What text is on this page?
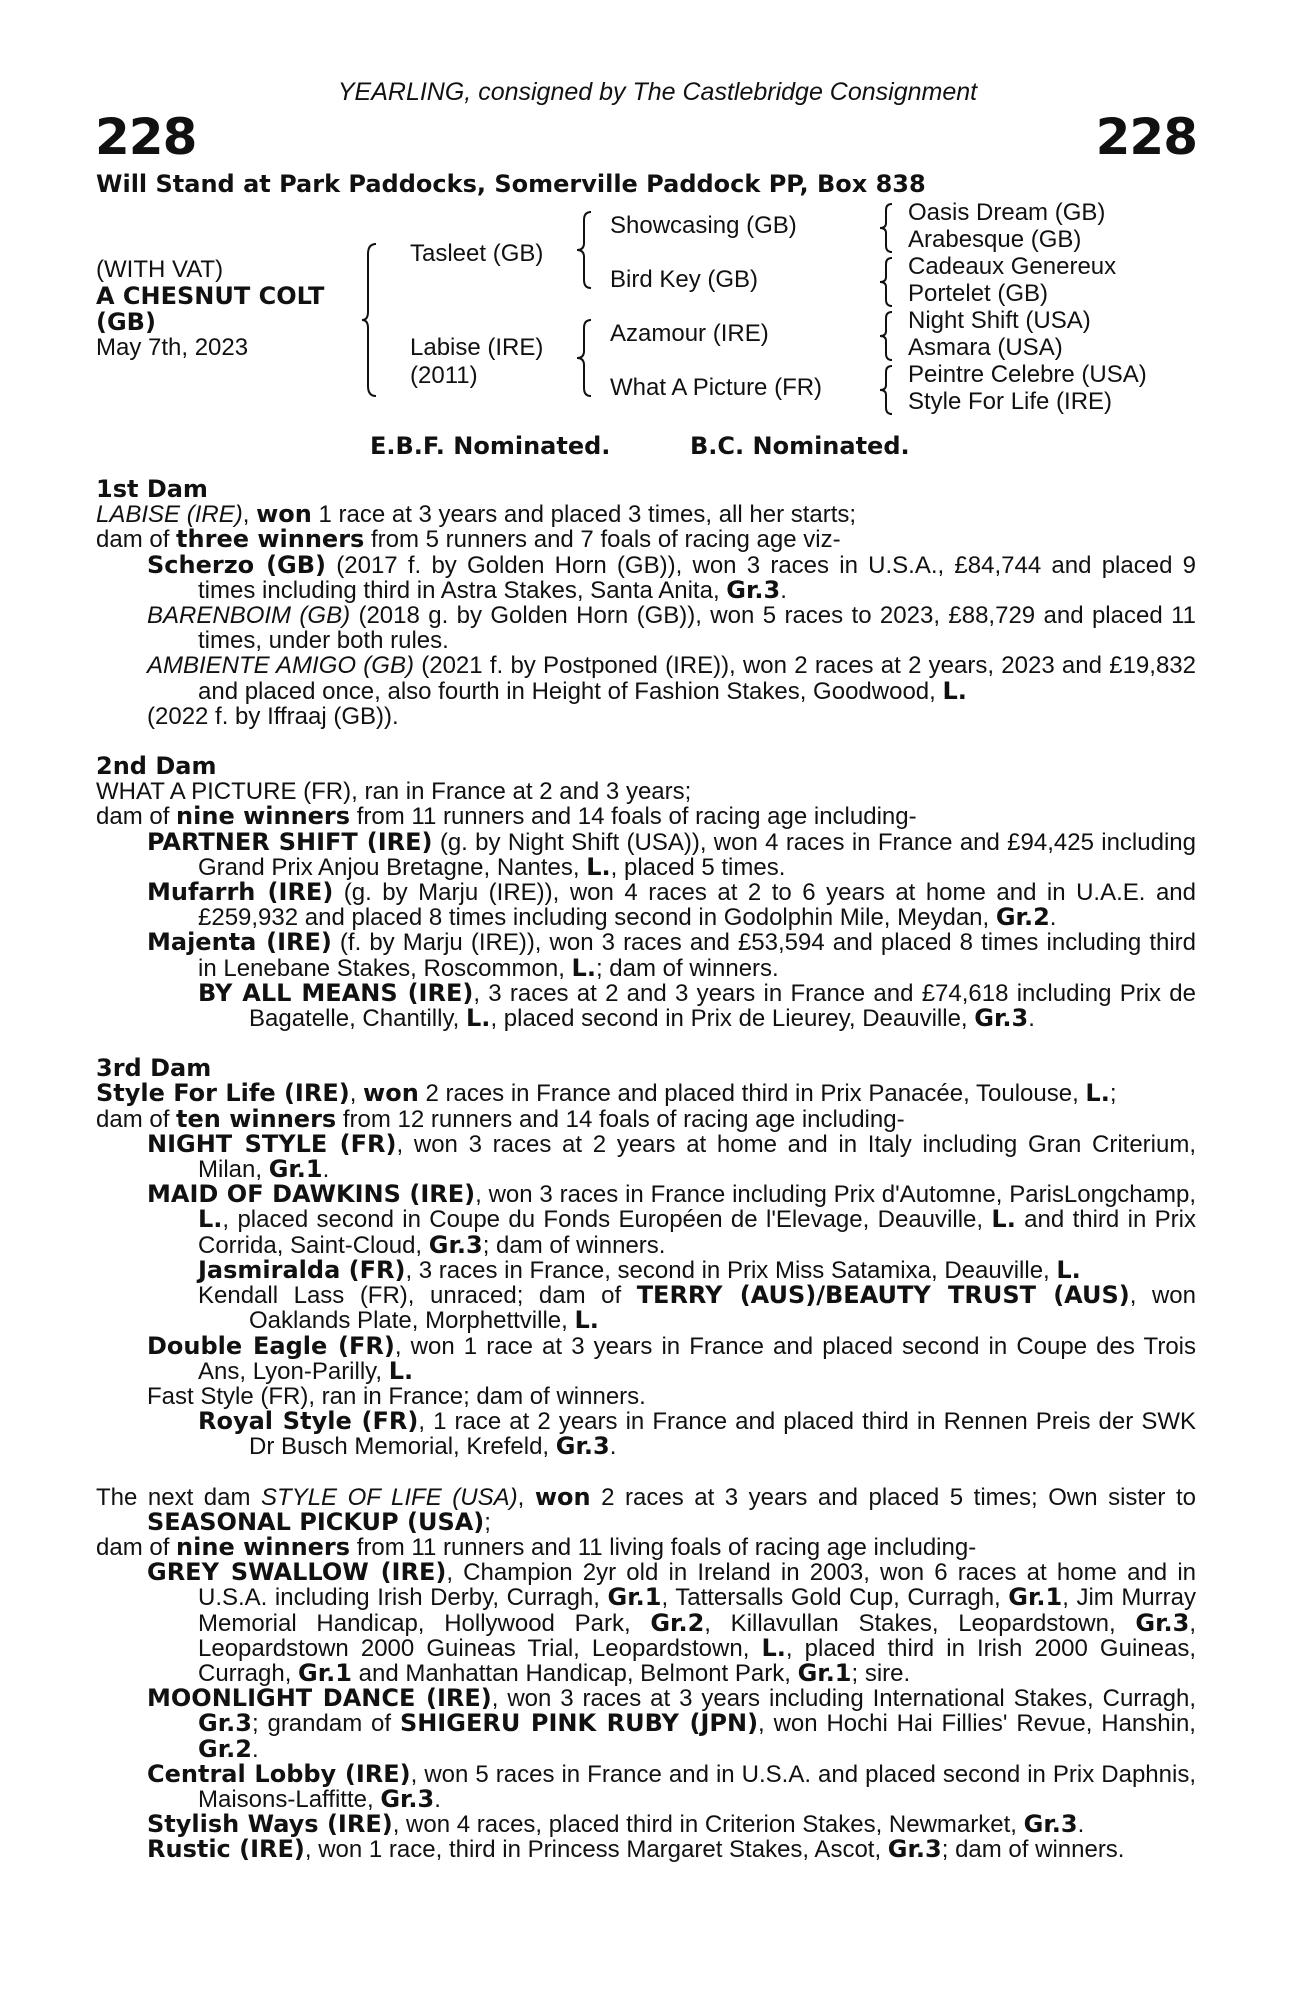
YEARLING, consigned by The Castlebridge Consignment
228	228
Will Stand at Park Paddocks, Somerville Paddock PP, Box 838
(WITH VAT)
A CHESNUT COLT
(GB)
May 7th, 2023
Tasleet (GB)
Labise (IRE)
(2011)
Showcasing (GB)
Bird Key (GB)
Azamour (IRE)
What A Picture (FR)
Oasis Dream (GB)
Arabesque (GB)
Cadeaux Genereux
Portelet (GB)
Night Shift (USA)
Asmara (USA)
Peintre Celebre (USA)
Style For Life (IRE)
E.B.F. Nominated.	B.C. Nominated.

1st Dam

LABISE (IRE), won 1 race at 3 years and placed 3 times, all her starts;

dam of three winners from 5 runners and 7 foals of racing age viz-

Scherzo (GB) (2017 f. by Golden Horn (GB)), won 3 races in U.S.A., £84,744 and placed 9 times including third in Astra Stakes, Santa Anita, Gr.3.

BARENBOIM (GB) (2018 g. by Golden Horn (GB)), won 5 races to 2023, £88,729 and placed 11 times, under both rules.

AMBIENTE AMIGO (GB) (2021 f. by Postponed (IRE)), won 2 races at 2 years, 2023 and £19,832 and placed once, also fourth in Height of Fashion Stakes, Goodwood, L.

(2022 f. by Iffraaj (GB)).

2nd Dam

WHAT A PICTURE (FR), ran in France at 2 and 3 years;

dam of nine winners from 11 runners and 14 foals of racing age including-

PARTNER SHIFT (IRE) (g. by Night Shift (USA)), won 4 races in France and £94,425 including Grand Prix Anjou Bretagne, Nantes, L., placed 5 times.

Mufarrh (IRE) (g. by Marju (IRE)), won 4 races at 2 to 6 years at home and in U.A.E. and £259,932 and placed 8 times including second in Godolphin Mile, Meydan, Gr.2.

Majenta (IRE) (f. by Marju (IRE)), won 3 races and £53,594 and placed 8 times including third in Lenebane Stakes, Roscommon, L.; dam of winners.

BY ALL MEANS (IRE), 3 races at 2 and 3 years in France and £74,618 including Prix de Bagatelle, Chantilly, L., placed second in Prix de Lieurey, Deauville, Gr.3.

3rd Dam

Style For Life (IRE), won 2 races in France and placed third in Prix Panacée, Toulouse, L.;

dam of ten winners from 12 runners and 14 foals of racing age including-

NIGHT STYLE (FR), won 3 races at 2 years at home and in Italy including Gran Criterium, Milan, Gr.1.

MAID OF DAWKINS (IRE), won 3 races in France including Prix d'Automne, ParisLongchamp, L., placed second in Coupe du Fonds Européen de l'Elevage, Deauville, L. and third in Prix Corrida, Saint-Cloud, Gr.3; dam of winners.

Jasmiralda (FR), 3 races in France, second in Prix Miss Satamixa, Deauville, L.

Kendall Lass (FR), unraced; dam of TERRY (AUS)/BEAUTY TRUST (AUS), won Oaklands Plate, Morphettville, L.

Double Eagle (FR), won 1 race at 3 years in France and placed second in Coupe des Trois Ans, Lyon-Parilly, L.

Fast Style (FR), ran in France; dam of winners.

Royal Style (FR), 1 race at 2 years in France and placed third in Rennen Preis der SWK Dr Busch Memorial, Krefeld, Gr.3.

The next dam STYLE OF LIFE (USA), won 2 races at 3 years and placed 5 times; Own sister to SEASONAL PICKUP (USA);

dam of nine winners from 11 runners and 11 living foals of racing age including-

GREY SWALLOW (IRE), Champion 2yr old in Ireland in 2003, won 6 races at home and in U.S.A. including Irish Derby, Curragh, Gr.1, Tattersalls Gold Cup, Curragh, Gr.1, Jim Murray Memorial Handicap, Hollywood Park, Gr.2, Killavullan Stakes, Leopardstown, Gr.3, Leopardstown 2000 Guineas Trial, Leopardstown, L., placed third in Irish 2000 Guineas, Curragh, Gr.1 and Manhattan Handicap, Belmont Park, Gr.1; sire.

MOONLIGHT DANCE (IRE), won 3 races at 3 years including International Stakes, Curragh, Gr.3; grandam of SHIGERU PINK RUBY (JPN), won Hochi Hai Fillies' Revue, Hanshin, Gr.2.

Central Lobby (IRE), won 5 races in France and in U.S.A. and placed second in Prix Daphnis, Maisons-Laffitte, Gr.3.

Stylish Ways (IRE), won 4 races, placed third in Criterion Stakes, Newmarket, Gr.3.

Rustic (IRE), won 1 race, third in Princess Margaret Stakes, Ascot, Gr.3; dam of winners.
